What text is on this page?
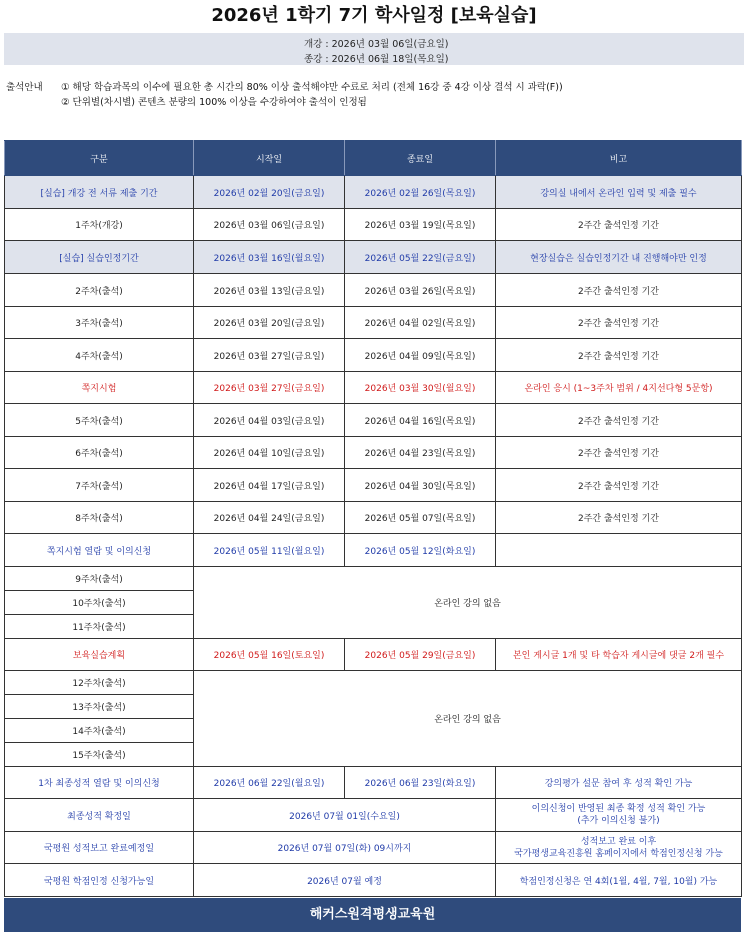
2026년 1학기 7기 학사일정 [보육실습]
개강 : 2026년 03월 06일(금요일)
종강 : 2026년 06월 18일(목요일)
출석안내	① 해당 학습과목의 이수에 필요한 총 시간의 80% 이상 출석해야만 수료로 처리 (전체 16강 중 4강 이상 결석 시 과락(F))
② 단위별(차시별) 콘텐츠 분량의 100% 이상을 수강하여야 출석이 인정됨
구분	시작일	종료일	비고
[실습] 개강 전 서류 제출 기간	2026년 02월 20일(금요일)	2026년 02월 26일(목요일)	강의실 내에서 온라인 입력 및 제출 필수
1주차(개강)	2026년 03월 06일(금요일)	2026년 03월 19일(목요일)	2주간 출석인정 기간
[실습] 실습인정기간	2026년 03월 16일(월요일)	2026년 05월 22일(금요일)	현장실습은 실습인정기간 내 진행해야만 인정
2주차(출석)	2026년 03월 13일(금요일)	2026년 03월 26일(목요일)	2주간 출석인정 기간
3주차(출석)	2026년 03월 20일(금요일)	2026년 04월 02일(목요일)	2주간 출석인정 기간
4주차(출석)	2026년 03월 27일(금요일)	2026년 04월 09일(목요일)	2주간 출석인정 기간
쪽지시험	2026년 03월 27일(금요일)	2026년 03월 30일(월요일)	온라인 응시 (1~3주차 범위 / 4지선다형 5문항)
5주차(출석)	2026년 04월 03일(금요일)	2026년 04월 16일(목요일)	2주간 출석인정 기간
6주차(출석)	2026년 04월 10일(금요일)	2026년 04월 23일(목요일)	2주간 출석인정 기간
7주차(출석)	2026년 04월 17일(금요일)	2026년 04월 30일(목요일)	2주간 출석인정 기간
8주차(출석)	2026년 04월 24일(금요일)	2026년 05월 07일(목요일)	2주간 출석인정 기간
쪽지시험 열람 및 이의신청	2026년 05월 11일(월요일)	2026년 05월 12일(화요일)	
9주차(출석)	온라인 강의 없음		
10주차(출석)			
11주차(출석)			
보육실습계획	2026년 05월 16일(토요일)	2026년 05월 29일(금요일)	본인 게시글 1개 및 타 학습자 게시글에 댓글 2개 필수
12주차(출석)	온라인 강의 없음		
13주차(출석)			
14주차(출석)			
15주차(출석)			
1차 최종성적 열람 및 이의신청	2026년 06월 22일(월요일)	2026년 06월 23일(화요일)	강의평가 설문 참여 후 성적 확인 가능
최종성적 확정일	2026년 07월 01일(수요일)		이의신청이 반영된 최종 확정 성적 확인 가능
(추가 이의신청 불가)

국평원 성적보고 완료예정일	2026년 07월 07일(화) 09시까지		성적보고 완료 이후
국가평생교육진흥원 홈페이지에서 학점인정신청 가능

국평원 학점인정 신청가능일	2026년 07월 예정		학점인정신청은 연 4회(1월, 4월, 7월, 10월) 가능
해커스원격평생교육원
